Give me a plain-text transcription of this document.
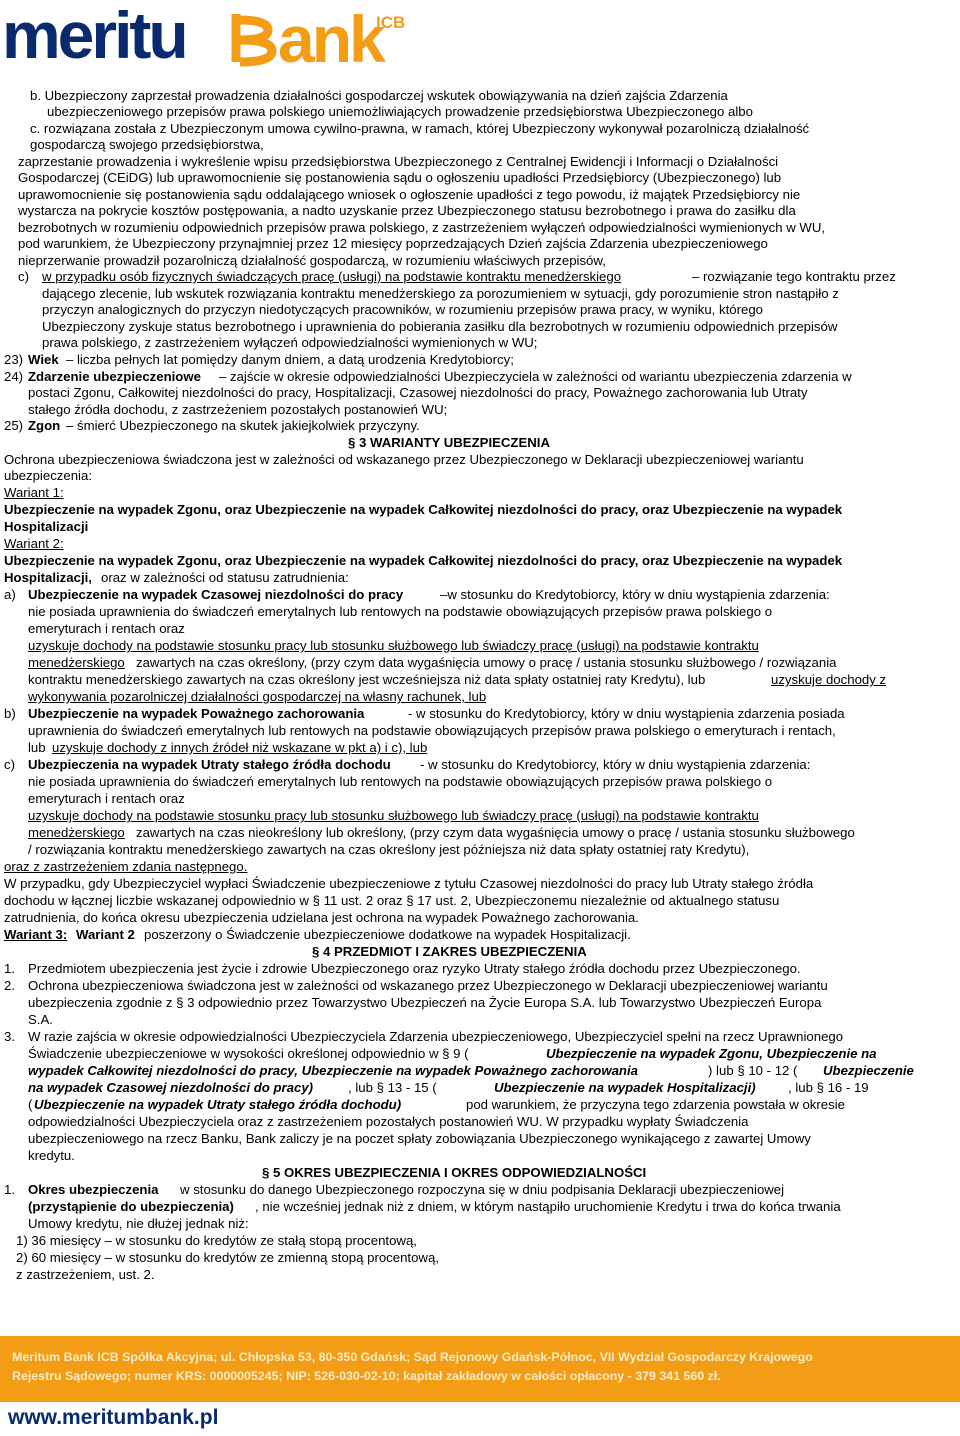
meritu ank
ICB
b. Ubezpieczony zaprzestał prowadzenia działalności gospodarczej wskutek obowiązywania na dzień zajścia Zdarzenia
ubezpieczeniowego przepisów prawa polskiego uniemożliwiających prowadzenie przedsiębiorstwa Ubezpieczonego albo
c. rozwiązana została z Ubezpieczonym umowa cywilno-prawna, w ramach, której Ubezpieczony wykonywał pozarolniczą działalność
gospodarczą swojego przedsiębiorstwa,
zaprzestanie prowadzenia i wykreślenie wpisu przedsiębiorstwa Ubezpieczonego z Centralnej Ewidencji i Informacji o Działalności
Gospodarczej (CEiDG) lub uprawomocnienie się postanowienia sądu o ogłoszeniu upadłości Przedsiębiorcy (Ubezpieczonego) lub
uprawomocnienie się postanowienia sądu oddalającego wniosek o ogłoszenie upadłości z tego powodu, iż majątek Przedsiębiorcy nie
wystarcza na pokrycie kosztów postępowania, a nadto uzyskanie przez Ubezpieczonego statusu bezrobotnego i prawa do zasiłku dla
bezrobotnych w rozumieniu odpowiednich przepisów prawa polskiego, z zastrzeżeniem wyłączeń odpowiedzialności wymienionych w WU,
pod warunkiem, że Ubezpieczony przynajmniej przez 12 miesięcy poprzedzających Dzień zajścia Zdarzenia ubezpieczeniowego
nieprzerwanie prowadził pozarolniczą działalność gospodarczą, w rozumieniu właściwych przepisów,
c) w przypadku osób fizycznych świadczących pracę (usługi) na podstawie kontraktu menedżerskiego	– rozwiązanie tego kontraktu przez
dającego zlecenie, lub wskutek rozwiązania kontraktu menedżerskiego za porozumieniem w sytuacji, gdy porozumienie stron nastąpiło z
przyczyn analogicznych do przyczyn niedotyczących pracowników, w rozumieniu przepisów prawa pracy, w wyniku, którego
Ubezpieczony zyskuje status bezrobotnego i uprawnienia do pobierania zasiłku dla bezrobotnych w rozumieniu odpowiednich przepisów
prawa polskiego, z zastrzeżeniem wyłączeń odpowiedzialności wymienionych w WU;
23) Wiek – liczba pełnych lat pomiędzy danym dniem, a datą urodzenia Kredytobiorcy;
24) Zdarzenie ubezpieczeniowe – zajście w okresie odpowiedzialności Ubezpieczyciela w zależności od wariantu ubezpieczenia zdarzenia w
postaci Zgonu, Całkowitej niezdolności do pracy, Hospitalizacji, Czasowej niezdolności do pracy, Poważnego zachorowania lub Utraty
stałego źródła dochodu, z zastrzeżeniem pozostałych postanowień WU;
25) Zgon – śmierć Ubezpieczonego na skutek jakiejkolwiek przyczyny.
§ 3 WARIANTY UBEZPIECZENIA
Ochrona ubezpieczeniowa świadczona jest w zależności od wskazanego przez Ubezpieczonego w Deklaracji ubezpieczeniowej wariantu
ubezpieczenia:
Wariant 1:
Ubezpieczenie na wypadek Zgonu, oraz Ubezpieczenie na wypadek Całkowitej niezdolności do pracy, oraz Ubezpieczenie na wypadek
Hospitalizacji
Wariant 2:
Ubezpieczenie na wypadek Zgonu, oraz Ubezpieczenie na wypadek Całkowitej niezdolności do pracy, oraz Ubezpieczenie na wypadek
Hospitalizacji, oraz w zależności od statusu zatrudnienia:
a) Ubezpieczenie na wypadek Czasowej niezdolności do pracy	–w stosunku do Kredytobiorcy, który w dniu wystąpienia zdarzenia:
nie posiada uprawnienia do świadczeń emerytalnych lub rentowych na podstawie obowiązujących przepisów prawa polskiego o
emeryturach i rentach oraz
uzyskuje dochody na podstawie stosunku pracy lub stosunku służbowego lub świadczy pracę (usługi) na podstawie kontraktu
menedżerskiego zawartych na czas określony, (przy czym data wygaśnięcia umowy o pracę / ustania stosunku służbowego / rozwiązania
kontraktu menedżerskiego zawartych na czas określony jest wcześniejsza niż data spłaty ostatniej raty Kredytu), lub	uzyskuje dochody z
wykonywania pozarolniczej działalności gospodarczej na własny rachunek, lub
b) Ubezpieczenie na wypadek Poważnego zachorowania	- w stosunku do Kredytobiorcy, który w dniu wystąpienia zdarzenia posiada
uprawnienia do świadczeń emerytalnych lub rentowych na podstawie obowiązujących przepisów prawa polskiego o emeryturach i rentach,
lub uzyskuje dochody z innych źródeł niż wskazane w pkt a) i c), lub
c) Ubezpieczenia na wypadek Utraty stałego źródła dochodu - w stosunku do Kredytobiorcy, który w dniu wystąpienia zdarzenia:
nie posiada uprawnienia do świadczeń emerytalnych lub rentowych na podstawie obowiązujących przepisów prawa polskiego o
emeryturach i rentach oraz
uzyskuje dochody na podstawie stosunku pracy lub stosunku służbowego lub świadczy pracę (usługi) na podstawie kontraktu
menedżerskiego zawartych na czas nieokreślony lub określony, (przy czym data wygaśnięcia umowy o pracę / ustania stosunku służbowego
/ rozwiązania kontraktu menedżerskiego zawartych na czas określony jest późniejsza niż data spłaty ostatniej raty Kredytu),
oraz z zastrzeżeniem zdania następnego.
W przypadku, gdy Ubezpieczyciel wypłaci Świadczenie ubezpieczeniowe z tytułu Czasowej niezdolności do pracy lub Utraty stałego źródła
dochodu w łącznej liczbie wskazanej odpowiednio w § 11 ust. 2 oraz § 17 ust. 2, Ubezpieczonemu niezależnie od aktualnego statusu
zatrudnienia, do końca okresu ubezpieczenia udzielana jest ochrona na wypadek Poważnego zachorowania.
Wariant 3: Wariant 2 poszerzony o Świadczenie ubezpieczeniowe dodatkowe na wypadek Hospitalizacji.
§ 4 PRZEDMIOT I ZAKRES UBEZPIECZENIA
1. Przedmiotem ubezpieczenia jest życie i zdrowie Ubezpieczonego oraz ryzyko Utraty stałego źródła dochodu przez Ubezpieczonego.
2. Ochrona ubezpieczeniowa świadczona jest w zależności od wskazanego przez Ubezpieczonego w Deklaracji ubezpieczeniowej wariantu
ubezpieczenia zgodnie z § 3 odpowiednio przez Towarzystwo Ubezpieczeń na Życie Europa S.A. lub Towarzystwo Ubezpieczeń Europa
S.A.
3. W razie zajścia w okresie odpowiedzialności Ubezpieczyciela Zdarzenia ubezpieczeniowego, Ubezpieczyciel spełni na rzecz Uprawnionego
Świadczenie ubezpieczeniowe w wysokości określonej odpowiednio w § 9 (	Ubezpieczenie na wypadek Zgonu, Ubezpieczenie na
wypadek Całkowitej niezdolności do pracy, Ubezpieczenie na wypadek Poważnego zachorowania	) lub § 10 - 12 ( Ubezpieczenie
na wypadek Czasowej niezdolności do pracy)	, lub § 13 - 15 (	Ubezpieczenie na wypadek Hospitalizacji) , lub § 16 - 19
( Ubezpieczenie na wypadek Utraty stałego źródła dochodu)	pod warunkiem, że przyczyna tego zdarzenia powstała w okresie
odpowiedzialności Ubezpieczyciela oraz z zastrzeżeniem pozostałych postanowień WU. W przypadku wypłaty Świadczenia
ubezpieczeniowego na rzecz Banku, Bank zaliczy je na poczet spłaty zobowiązania Ubezpieczonego wynikającego z zawartej Umowy
kredytu.
§ 5 OKRES UBEZPIECZENIA I OKRES ODPOWIEDZIALNOŚCI
1. Okres ubezpieczenia w stosunku do danego Ubezpieczonego rozpoczyna się w dniu podpisania Deklaracji ubezpieczeniowej
(przystąpienie do ubezpieczenia) , nie wcześniej jednak niż z dniem, w którym nastąpiło uruchomienie Kredytu i trwa do końca trwania
Umowy kredytu, nie dłużej jednak niż:
1) 36 miesięcy – w stosunku do kredytów ze stałą stopą procentową,
2) 60 miesięcy – w stosunku do kredytów ze zmienną stopą procentową,
z zastrzeżeniem, ust. 2.
Meritum Bank ICB Spółka Akcyjna; ul. Chłopska 53, 80-350 Gdańsk; Sąd Rejonowy Gdańsk-Północ, VII Wydział Gospodarczy Krajowego
Rejestru Sądowego; numer KRS: 0000005245; NIP: 526-030-02-10; kapitał zakładowy w całości opłacony - 379 341 560 zł.
www.meritumbank.pl
